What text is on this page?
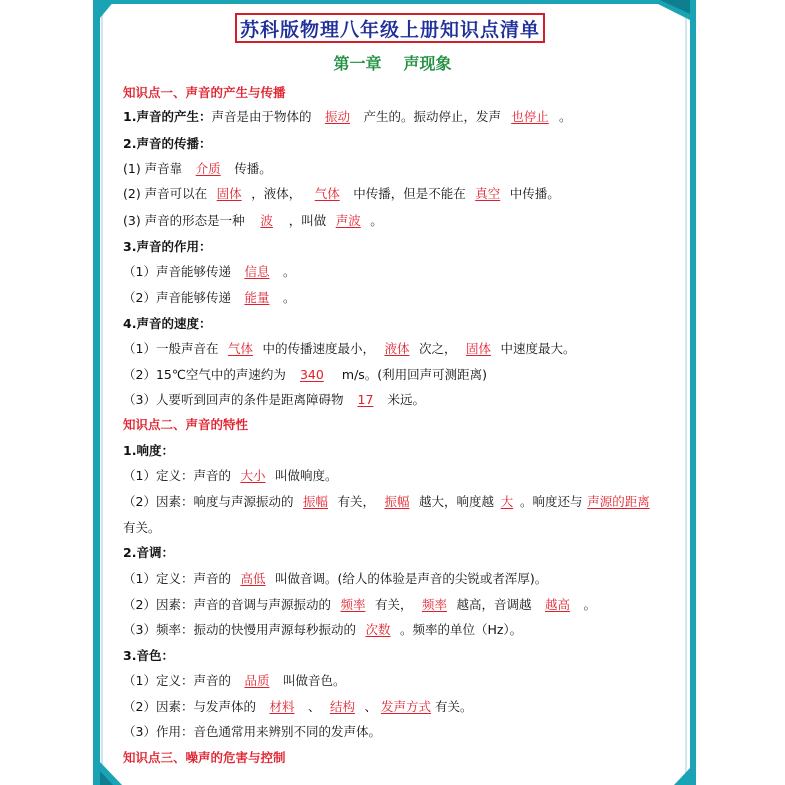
苏科版物理八年级上册知识点清单
第一章 声现象
知识点一、声音的产生与传播
1.声音的产生：声音是由于物体的 振动 产生的。振动停止，发声 也停止 。
2.声音的传播：
(1) 声音靠 介质 传播。
(2) 声音可以在 固体 ，液体， 气体 中传播，但是不能在 真空 中传播。
(3) 声音的形态是一种 波 ，叫做 声波 。
3.声音的作用：
（1）声音能够传递 信息 。
（2）声音能够传递 能量 。
4.声音的速度：
（1）一般声音在 气体 中的传播速度最小， 液体 次之， 固体 中速度最大。
（2）15℃空气中的声速约为 340 m/s。(利用回声可测距离)
（3）人要听到回声的条件是距离障碍物 17 米远。
知识点二、声音的特性
1.响度：
（1）定义：声音的 大小 叫做响度。
（2）因素：响度与声源振动的 振幅 有关， 振幅 越大，响度越 大 。响度还与 声源的距离
有关。
2.音调：
（1）定义：声音的 高低 叫做音调。(给人的体验是声音的尖锐或者浑厚)。
（2）因素：声音的音调与声源振动的 频率 有关， 频率 越高，音调越 越高 。
（3）频率：振动的快慢用声源每秒振动的 次数 。频率的单位（Hz）。
3.音色：
（1）定义：声音的 品质 叫做音色。
（2）因素：与发声体的 材料 、 结构 、 发声方式 有关。
（3）作用：音色通常用来辨别不同的发声体。
知识点三、噪声的危害与控制
